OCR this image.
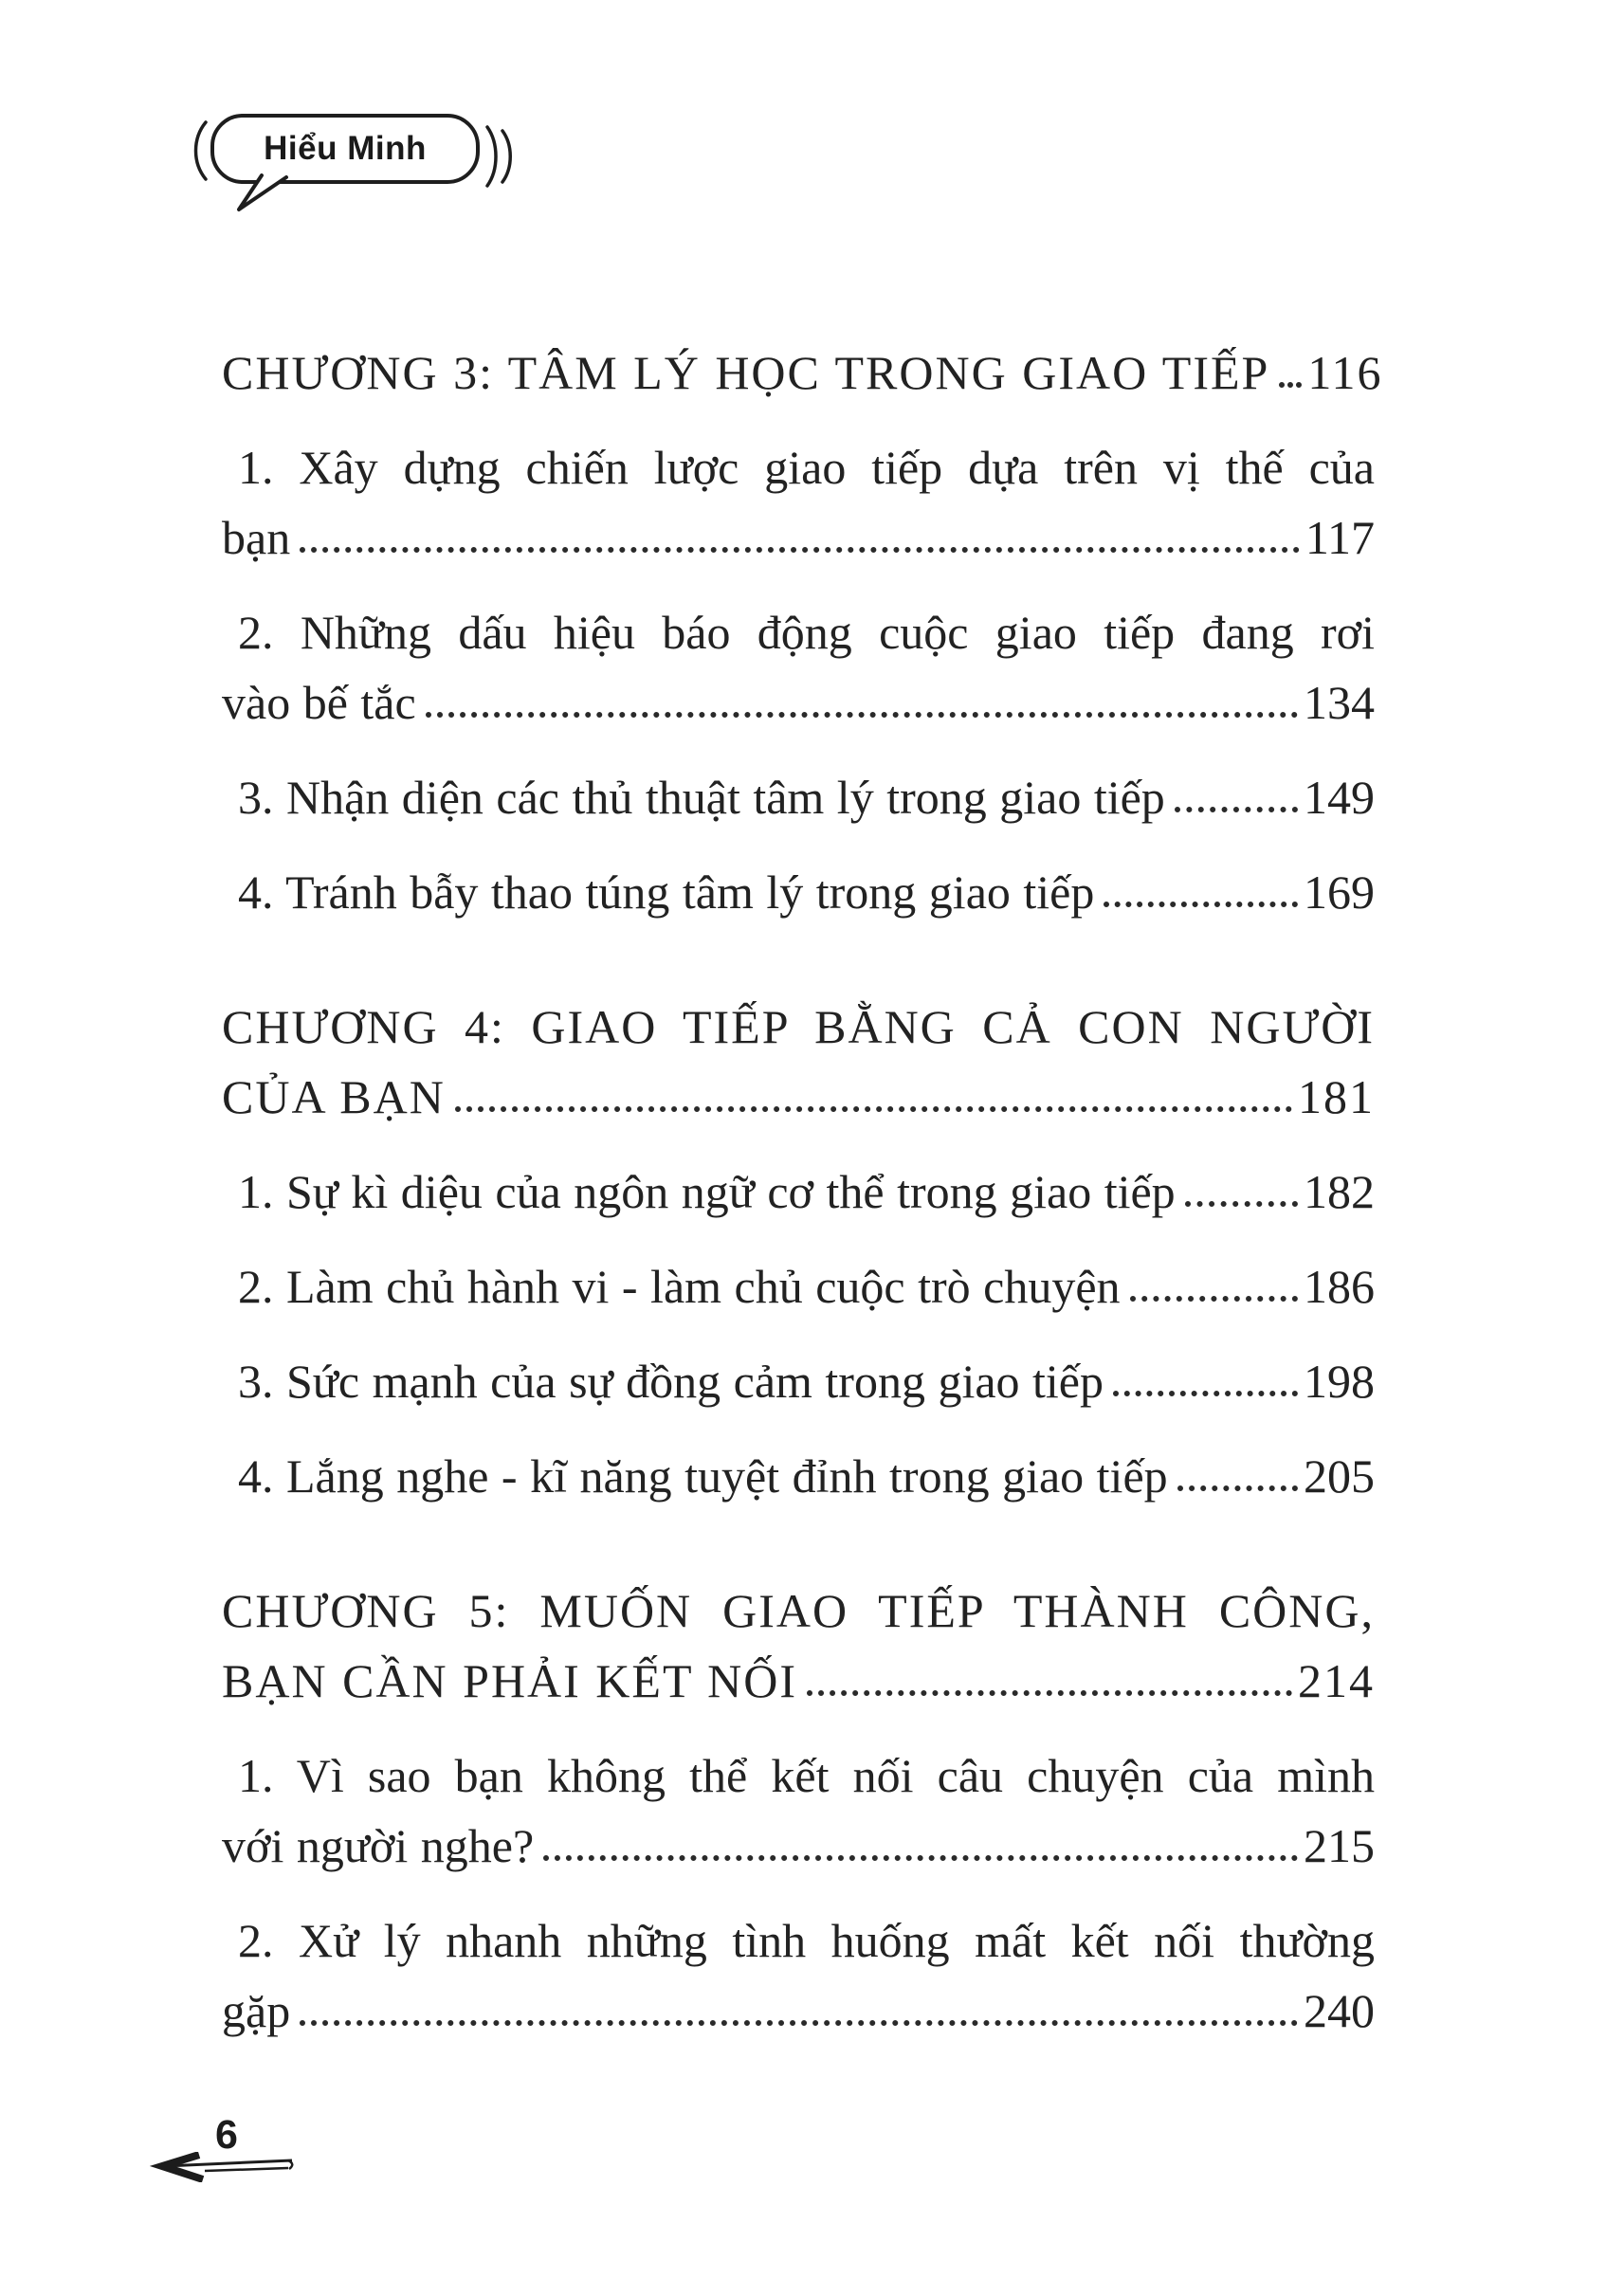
Hiểu Minh
CHƯƠNG 3: TÂM LÝ HỌC TRONG GIAO TIẾP 116
1. Xây dựng chiến lược giao tiếp dựa trên vị thế của
bạn	117
2. Những dấu hiệu báo động cuộc giao tiếp đang rơi
vào bế tắc	134
3. Nhận diện các thủ thuật tâm lý trong giao tiếp	149
4. Tránh bẫy thao túng tâm lý trong giao tiếp	169
CHƯƠNG 4: GIAO TIẾP BẰNG CẢ CON NGƯỜI
CỦA BẠN	181
1. Sự kì diệu của ngôn ngữ cơ thể trong giao tiếp	182
2. Làm chủ hành vi - làm chủ cuộc trò chuyện	186
3. Sức mạnh của sự đồng cảm trong giao tiếp	198
4. Lắng nghe - kĩ năng tuyệt đỉnh trong giao tiếp	205
CHƯƠNG 5: MUỐN GIAO TIẾP THÀNH CÔNG,
BẠN CẦN PHẢI KẾT NỐI	214
1. Vì sao bạn không thể kết nối câu chuyện của mình
với người nghe?	215
2. Xử lý nhanh những tình huống mất kết nối thường
gặp	240
6
